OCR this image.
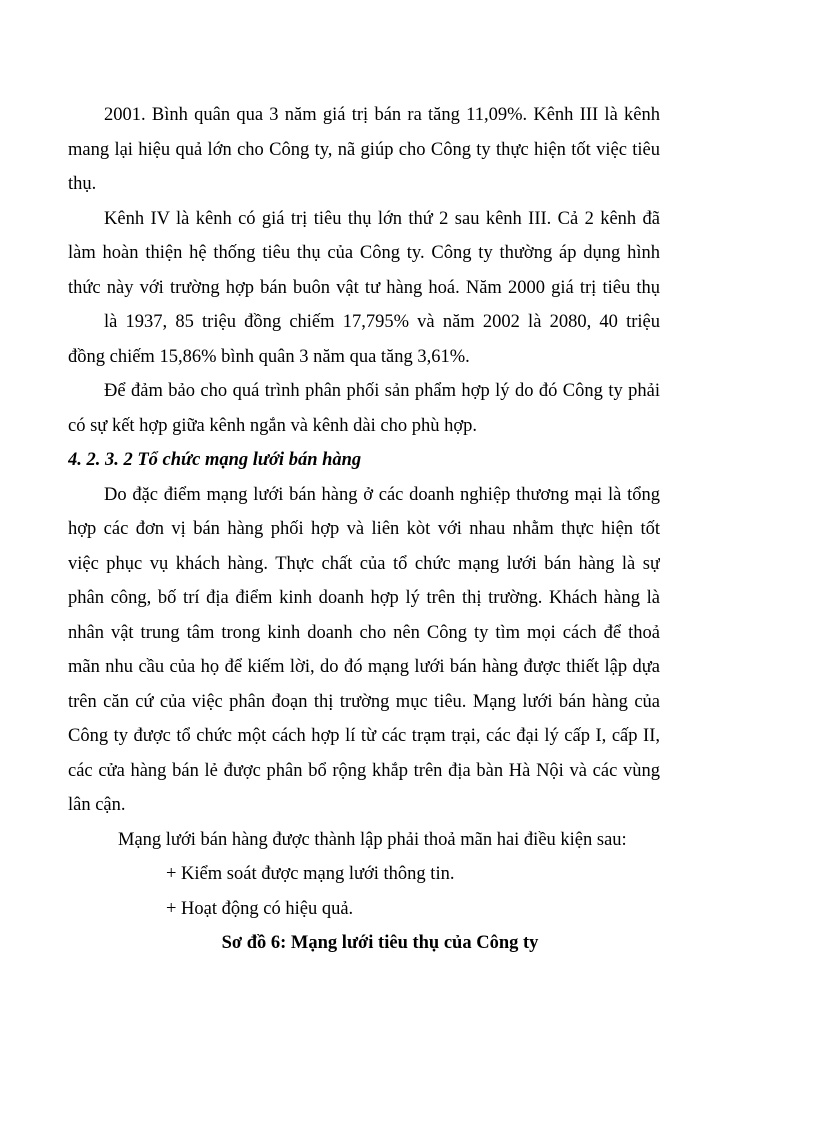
2001. Bình quân qua 3 năm giá trị bán ra tăng 11,09%. Kênh III là kênh
mang lại hiệu quả lớn cho Công ty, nã giúp cho Công ty thực hiện tốt việc tiêu
thụ.
Kênh IV là kênh có giá trị tiêu thụ lớn thứ 2 sau kênh III. Cả 2 kênh đã
làm hoàn thiện hệ thống tiêu thụ của Công ty. Công ty thường áp dụng hình
thức này với trường hợp bán buôn vật tư hàng hoá. Năm 2000 giá trị tiêu thụ
là 1937, 85 triệu đồng chiếm 17,795% và năm 2002 là 2080, 40 triệu
đồng chiếm 15,86% bình quân 3 năm qua tăng 3,61%.
Để đảm bảo cho quá trình phân phối sản phẩm hợp lý do đó Công ty phải
có sự kết hợp giữa kênh ngắn và kênh dài cho phù hợp.
4. 2. 3. 2 Tổ chức mạng lưới bán hàng
Do đặc điểm mạng lưới bán hàng ở các doanh nghiệp thương mại là tổng
hợp các đơn vị bán hàng phối hợp và liên kòt với nhau nhằm thực hiện tốt
việc phục vụ khách hàng. Thực chất của tổ chức mạng lưới bán hàng là sự
phân công, bố trí địa điểm kinh doanh hợp lý trên thị trường. Khách hàng là
nhân vật trung tâm trong kinh doanh cho nên Công ty tìm mọi cách để thoả
mãn nhu cầu của họ để kiếm lời, do đó mạng lưới bán hàng được thiết lập dựa
trên căn cứ của việc phân đoạn thị trường mục tiêu. Mạng lưới bán hàng của
Công ty được tổ chức một cách hợp lí từ các trạm trại, các đại lý cấp I, cấp II,
các cửa hàng bán lẻ được phân bổ rộng khắp trên địa bàn Hà Nội và các vùng
lân cận.
Mạng lưới bán hàng được thành lập phải thoả mãn hai điều kiện sau:
+ Kiểm soát được mạng lưới thông tin.
+ Hoạt động có hiệu quả.
Sơ đồ 6: Mạng lưới tiêu thụ của Công ty
